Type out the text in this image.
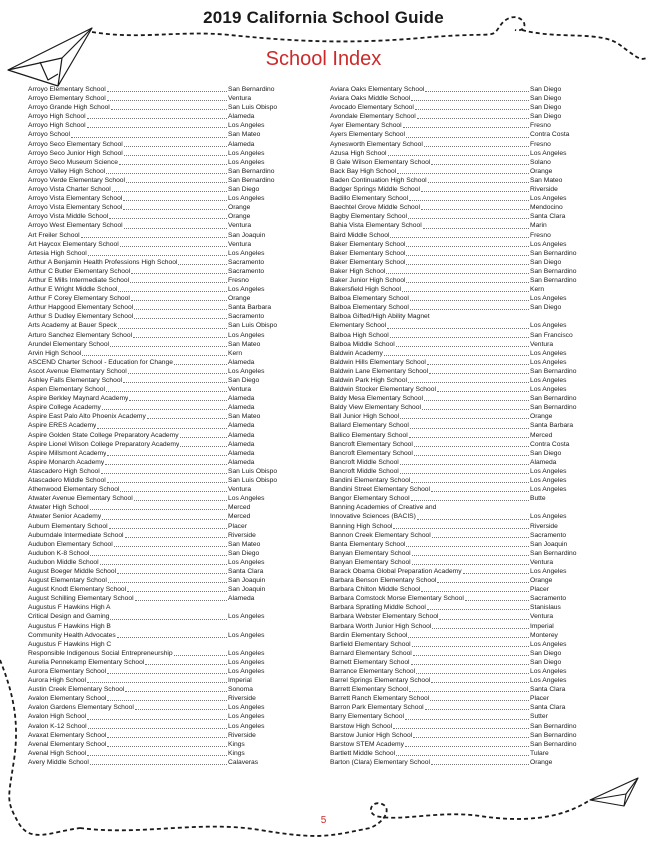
2019 California School Guide
School Index
Arroyo Elementary School	San Bernardino
Arroyo Elementary School	Ventura
Arroyo Grande High School	San Luis Obispo
Arroyo High School	Alameda
Arroyo High School	Los Angeles
Arroyo School	San Mateo
Arroyo Seco Elementary School	Alameda
Arroyo Seco Junior High School	Los Angeles
Arroyo Seco Museum Science	Los Angeles
Arroyo Valley High School	San Bernardino
Arroyo Verde Elementary School	San Bernardino
Arroyo Vista Charter School	San Diego
Arroyo Vista Elementary School	Los Angeles
Arroyo Vista Elementary School	Orange
Arroyo Vista Middle School	Orange
Arroyo West Elementary School	Ventura
Art Freiler School	San Joaquin
Art Haycox Elementary School	Ventura
Artesia High School	Los Angeles
Arthur A Benjamin Health Professions High School	Sacramento
Arthur C Butler Elementary School	Sacramento
Arthur E Mills Intermediate School	Fresno
Arthur E Wright Middle School	Los Angeles
Arthur F Corey Elementary School	Orange
Arthur Hapgood Elementary School	Santa Barbara
Arthur S Dudley Elementary School	Sacramento
Arts Academy at Bauer Speck	San Luis Obispo
Arturo Sanchez Elementary School	Los Angeles
Arundel Elementary School	San Mateo
Arvin High School	Kern
ASCEND Charter School - Education for Change	Alameda
Ascot Avenue Elementary School	Los Angeles
Ashley Falls Elementary School	San Diego
Aspen Elementary School	Ventura
Aspire Berkley Maynard Academy	Alameda
Aspire College Academy	Alameda
Aspire East Palo Alto Phoenix Academy	San Mateo
Aspire ERES Academy	Alameda
Aspire Golden State College Preparatory Academy	Alameda
Aspire Lionel Wilson College Preparatory Academy	Alameda
Aspire Millsmont Academy	Alameda
Aspire Monarch Academy	Alameda
Atascadero High School	San Luis Obispo
Atascadero Middle School	San Luis Obispo
Athenwood Elementary School	Ventura
Atwater Avenue Elementary School	Los Angeles
Atwater High School	Merced
Atwater Senior Academy	Merced
Auburn Elementary School	Placer
Auburndale Intermediate School	Riverside
Audubon Elementary School	San Mateo
Audubon K-8 School	San Diego
Audubon Middle School	Los Angeles
August Boeger Middle School	Santa Clara
August Elementary School	San Joaquin
August Knodt Elementary School	San Joaquin
August Schilling Elementary School	Alameda
Augustus F Hawkins High A
Critical Design and Gaming	Los Angeles
Augustus F Hawkins High B
Community Health Advocates	Los Angeles
Augustus F Hawkins High C
Responsible Indigenous Social Entrepreneurship	Los Angeles
Aurelia Pennekamp Elementary School	Los Angeles
Aurora Elementary School	Los Angeles
Aurora High School	Imperial
Austin Creek Elementary School	Sonoma
Avalon Elementary School	Riverside
Avalon Gardens Elementary School	Los Angeles
Avalon High School	Los Angeles
Avalon K-12 School	Los Angeles
Avaxat Elementary School	Riverside
Avenal Elementary School	Kings
Avenal High School	Kings
Avery Middle School	Calaveras
Aviara Oaks Elementary School	San Diego
Aviara Oaks Middle School	San Diego
Avocado Elementary School	San Diego
Avondale Elementary School	San Diego
Ayer Elementary School	Fresno
Ayers Elementary School	Contra Costa
Aynesworth Elementary School	Fresno
Azusa High School	Los Angeles
B Gale Wilson Elementary School	Solano
Back Bay High School	Orange
Baden Continuation High School	San Mateo
Badger Springs Middle School	Riverside
Badillo Elementary School	Los Angeles
Baechtel Grove Middle School	Mendocino
Bagby Elementary School	Santa Clara
Bahia Vista Elementary School	Marin
Baird Middle School	Fresno
Baker Elementary School	Los Angeles
Baker Elementary School	San Bernardino
Baker Elementary School	San Diego
Baker High School	San Bernardino
Baker Junior High School	San Bernardino
Bakersfield High School	Kern
Balboa Elementary School	Los Angeles
Balboa Elementary School	San Diego
Balboa Gifted/High Ability Magnet
Elementary School	Los Angeles
Balboa High School	San Francisco
Balboa Middle School	Ventura
Baldwin Academy	Los Angeles
Baldwin Hills Elementary School	Los Angeles
Baldwin Lane Elementary School	San Bernardino
Baldwin Park High School	Los Angeles
Baldwin Stocker Elementary School	Los Angeles
Baldy Mesa Elementary School	San Bernardino
Baldy View Elementary School	San Bernardino
Ball Junior High School	Orange
Ballard Elementary School	Santa Barbara
Ballico Elementary School	Merced
Bancroft Elementary School	Contra Costa
Bancroft Elementary School	San Diego
Bancroft Middle School	Alameda
Bancroft Middle School	Los Angeles
Bandini Elementary School	Los Angeles
Bandini Street Elementary School	Los Angeles
Bangor Elementary School	Butte
Banning Academies of Creative and
Innovative Sciences (BACIS)	Los Angeles
Banning High School	Riverside
Bannon Creek Elementary School	Sacramento
Banta Elementary School	San Joaquin
Banyan Elementary School	San Bernardino
Banyan Elementary School	Ventura
Barack Obama Global Preparation Academy	Los Angeles
Barbara Benson Elementary School	Orange
Barbara Chilton Middle School	Placer
Barbara Comstock Morse Elementary School	Sacramento
Barbara Spratling Middle School	Stanislaus
Barbara Webster Elementary School	Ventura
Barbara Worth Junior High School	Imperial
Bardin Elementary School	Monterey
Barfield Elementary School	Los Angeles
Barnard Elementary School	San Diego
Barnett Elementary School	San Diego
Barrance Elementary School	Los Angeles
Barrel Springs Elementary School	Los Angeles
Barrett Elementary School	Santa Clara
Barrett Ranch Elementary School	Placer
Barron Park Elementary School	Santa Clara
Barry Elementary School	Sutter
Barstow High School	San Bernardino
Barstow Junior High School	San Bernardino
Barstow STEM Academy	San Bernardino
Bartlett Middle School	Tulare
Barton (Clara) Elementary School	Orange
5
